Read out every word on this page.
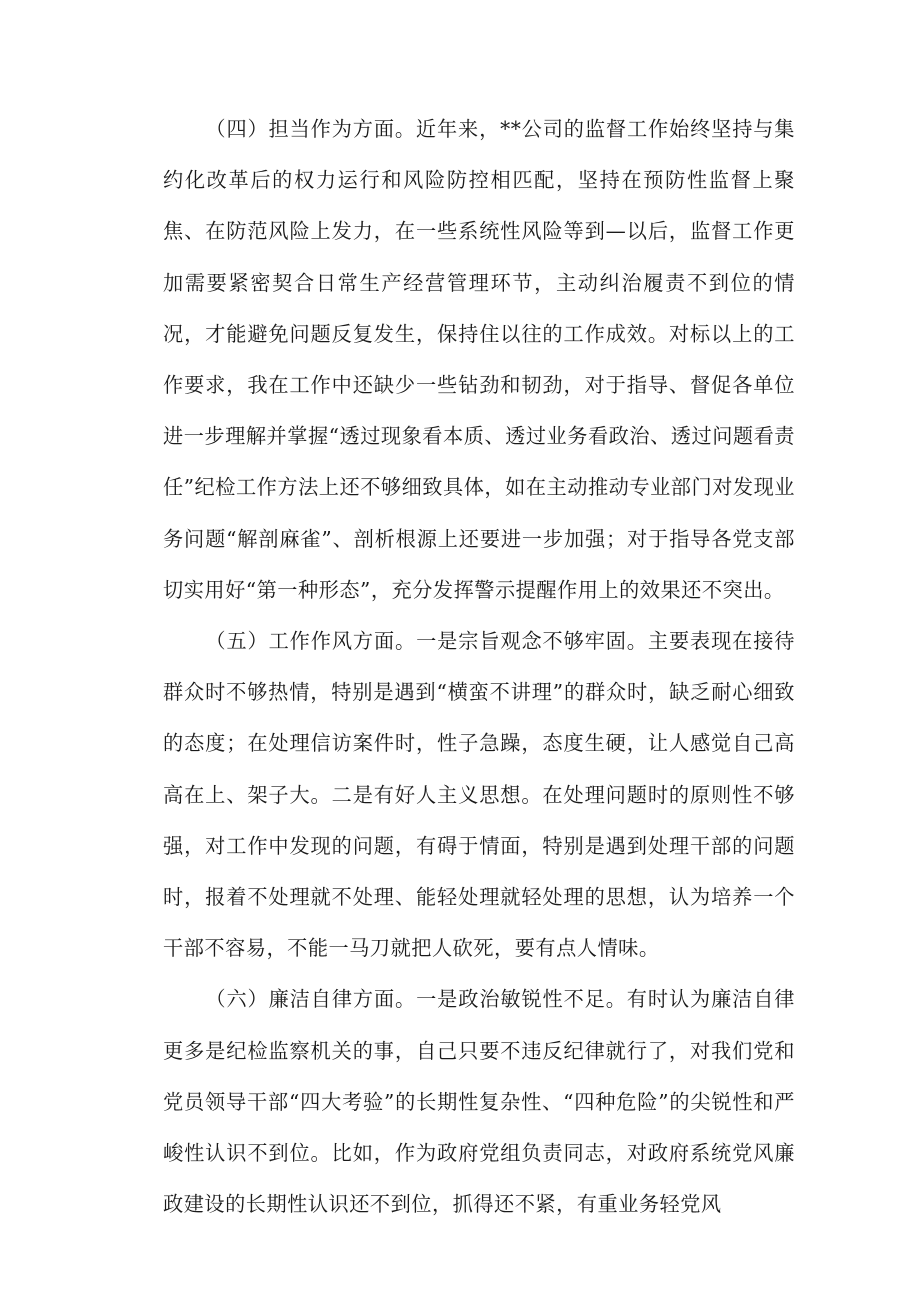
（四）担当作为方面。近年来，**公司的监督工作始终坚持与集约化改革后的权力运行和风险防控相匹配，坚持在预防性监督上聚焦、在防范风险上发力，在一些系统性风险等到—以后，监督工作更加需要紧密契合日常生产经营管理环节，主动纠治履责不到位的情况，才能避免问题反复发生，保持住以往的工作成效。对标以上的工作要求，我在工作中还缺少一些钻劲和韧劲，对于指导、督促各单位进一步理解并掌握“透过现象看本质、透过业务看政治、透过问题看责任”纪检工作方法上还不够细致具体，如在主动推动专业部门对发现业务问题“解剖麻雀”、剖析根源上还要进一步加强；对于指导各党支部切实用好“第一种形态”，充分发挥警示提醒作用上的效果还不突出。

（五）工作作风方面。一是宗旨观念不够牢固。主要表现在接待群众时不够热情，特别是遇到“横蛮不讲理”的群众时，缺乏耐心细致的态度；在处理信访案件时，性子急躁，态度生硬，让人感觉自己高高在上、架子大。二是有好人主义思想。在处理问题时的原则性不够强，对工作中发现的问题，有碍于情面，特别是遇到处理干部的问题时，报着不处理就不处理、能轻处理就轻处理的思想，认为培养一个干部不容易，不能一马刀就把人砍死，要有点人情味。

（六）廉洁自律方面。一是政治敏锐性不足。有时认为廉洁自律更多是纪检监察机关的事，自己只要不违反纪律就行了，对我们党和党员领导干部“四大考验”的长期性复杂性、“四种危险”的尖锐性和严峻性认识不到位。比如，作为政府党组负责同志，对政府系统党风廉政建设的长期性认识还不到位，抓得还不紧，有重业务轻党风
